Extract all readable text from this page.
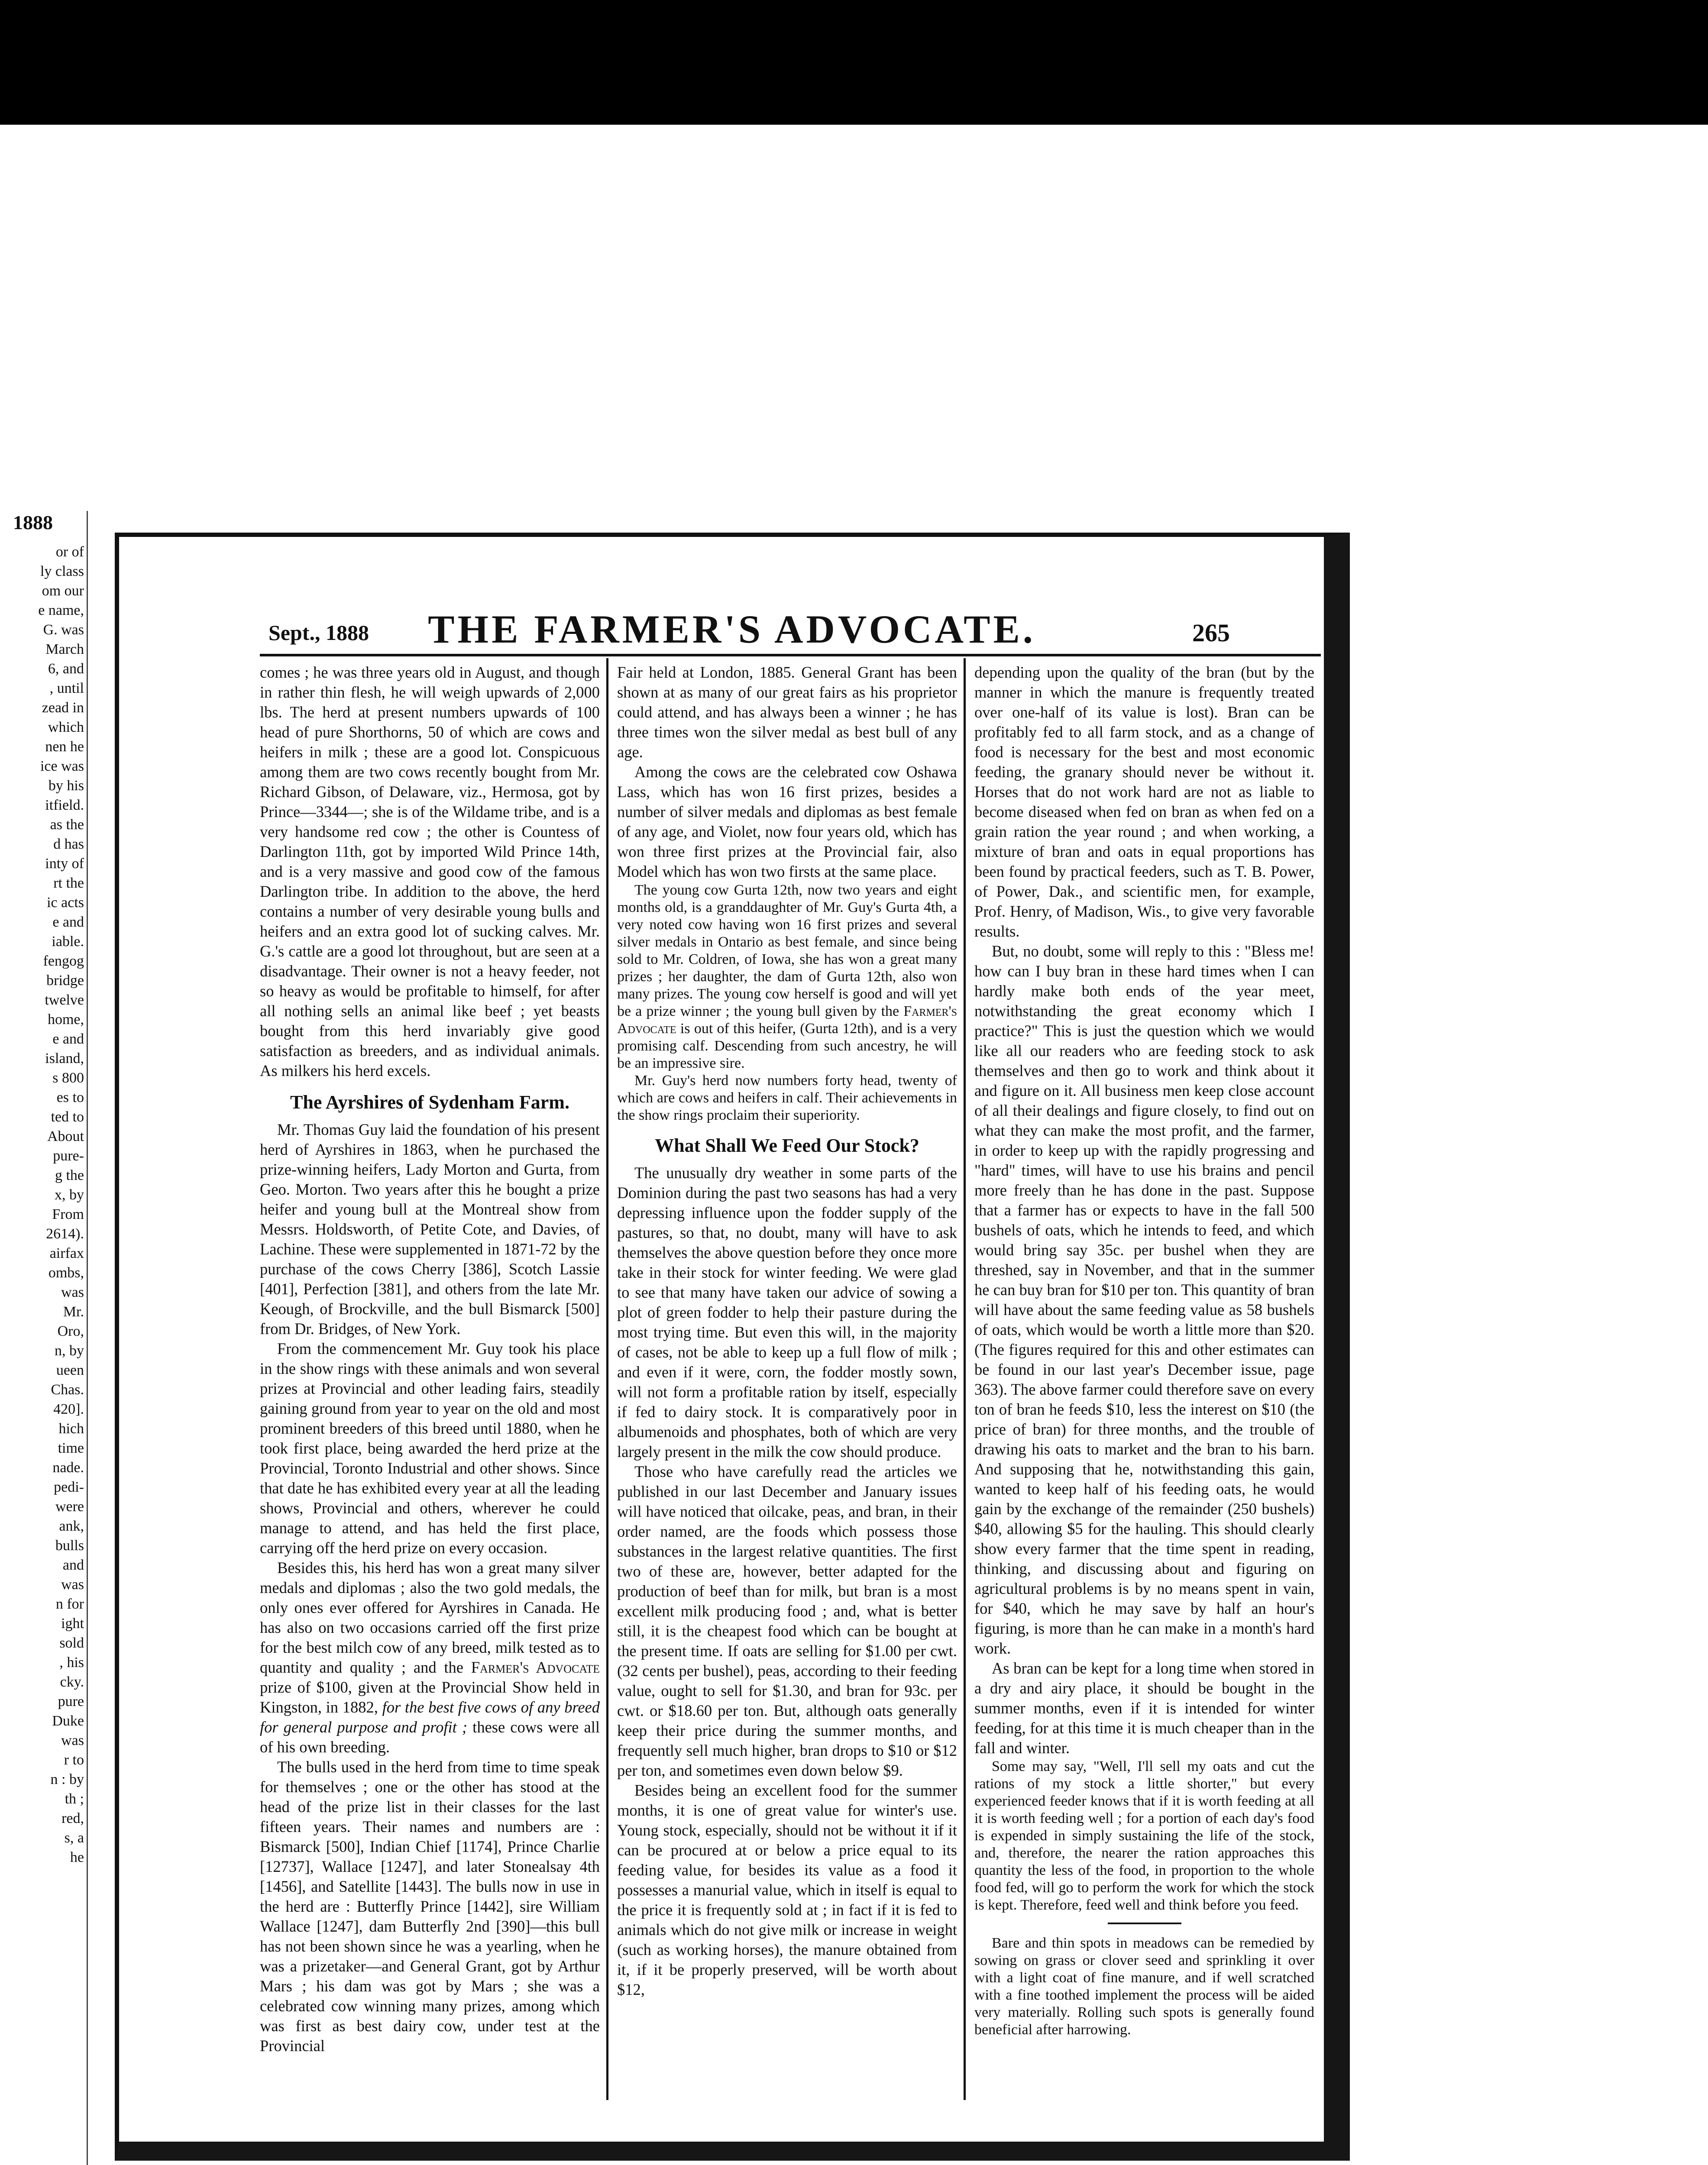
1888
or of
ly class
om our
e name,
G. was
March
6, and
, until
zead in
which
nen he
ice was
by his
itfield.
as the
d has
inty of
rt the
ic acts
e and
iable.
fengog
bridge
twelve
home,
e and
island,
s 800
es to
ted to
About
pure-
g the
x, by
From
2614).
airfax
ombs,
was
Mr.
Oro,
n, by
ueen
Chas.
420].
hich
time
nade.
pedi-
were
ank,
bulls
and
was
n for
ight
sold
, his
cky.
pure
Duke
was
r to
n : by
th ;
red,
s, a
he
Sept., 1888	THE FARMER'S ADVOCATE.	265

comes ; he was three years old in August, and though in rather thin flesh, he will weigh upwards of 2,000 lbs. The herd at present numbers upwards of 100 head of pure Shorthorns, 50 of which are cows and heifers in milk ; these are a good lot. Conspicuous among them are two cows recently bought from Mr. Richard Gibson, of Delaware, viz., Hermosa, got by Prince—3344—; she is of the Wildame tribe, and is a very handsome red cow ; the other is Countess of Darlington 11th, got by imported Wild Prince 14th, and is a very massive and good cow of the famous Darlington tribe. In addition to the above, the herd contains a number of very desirable young bulls and heifers and an extra good lot of sucking calves. Mr. G.'s cattle are a good lot throughout, but are seen at a disadvantage. Their owner is not a heavy feeder, not so heavy as would be profitable to himself, for after all nothing sells an animal like beef ; yet beasts bought from this herd invariably give good satisfaction as breeders, and as individual animals. As milkers his herd excels.

The Ayrshires of Sydenham Farm.

Mr. Thomas Guy laid the foundation of his present herd of Ayrshires in 1863, when he purchased the prize-winning heifers, Lady Morton and Gurta, from Geo. Morton. Two years after this he bought a prize heifer and young bull at the Montreal show from Messrs. Holdsworth, of Petite Cote, and Davies, of Lachine. These were supplemented in 1871-72 by the purchase of the cows Cherry [386], Scotch Lassie [401], Perfection [381], and others from the late Mr. Keough, of Brockville, and the bull Bismarck [500] from Dr. Bridges, of New York.

From the commencement Mr. Guy took his place in the show rings with these animals and won several prizes at Provincial and other leading fairs, steadily gaining ground from year to year on the old and most prominent breeders of this breed until 1880, when he took first place, being awarded the herd prize at the Provincial, Toronto Industrial and other shows. Since that date he has exhibited every year at all the leading shows, Provincial and others, wherever he could manage to attend, and has held the first place, carrying off the herd prize on every occasion.

Besides this, his herd has won a great many silver medals and diplomas ; also the two gold medals, the only ones ever offered for Ayrshires in Canada. He has also on two occasions carried off the first prize for the best milch cow of any breed, milk tested as to quantity and quality ; and the Farmer's Advocate prize of $100, given at the Provincial Show held in Kingston, in 1882, for the best five cows of any breed for general purpose and profit ; these cows were all of his own breeding.

The bulls used in the herd from time to time speak for themselves ; one or the other has stood at the head of the prize list in their classes for the last fifteen years. Their names and numbers are : Bismarck [500], Indian Chief [1174], Prince Charlie [12737], Wallace [1247], and later Stonealsay 4th [1456], and Satellite [1443]. The bulls now in use in the herd are : Butterfly Prince [1442], sire William Wallace [1247], dam Butterfly 2nd [390]—this bull has not been shown since he was a yearling, when he was a prizetaker—and General Grant, got by Arthur Mars ; his dam was got by Mars ; she was a celebrated cow winning many prizes, among which was first as best dairy cow, under test at the Provincial

Fair held at London, 1885. General Grant has been shown at as many of our great fairs as his proprietor could attend, and has always been a winner ; he has three times won the silver medal as best bull of any age.

Among the cows are the celebrated cow Oshawa Lass, which has won 16 first prizes, besides a number of silver medals and diplomas as best female of any age, and Violet, now four years old, which has won three first prizes at the Provincial fair, also Model which has won two firsts at the same place.

The young cow Gurta 12th, now two years and eight months old, is a granddaughter of Mr. Guy's Gurta 4th, a very noted cow having won 16 first prizes and several silver medals in Ontario as best female, and since being sold to Mr. Coldren, of Iowa, she has won a great many prizes ; her daughter, the dam of Gurta 12th, also won many prizes. The young cow herself is good and will yet be a prize winner ; the young bull given by the Farmer's Advocate is out of this heifer, (Gurta 12th), and is a very promising calf. Descending from such ancestry, he will be an impressive sire.

Mr. Guy's herd now numbers forty head, twenty of which are cows and heifers in calf. Their achievements in the show rings proclaim their superiority.

What Shall We Feed Our Stock?

The unusually dry weather in some parts of the Dominion during the past two seasons has had a very depressing influence upon the fodder supply of the pastures, so that, no doubt, many will have to ask themselves the above question before they once more take in their stock for winter feeding. We were glad to see that many have taken our advice of sowing a plot of green fodder to help their pasture during the most trying time. But even this will, in the majority of cases, not be able to keep up a full flow of milk ; and even if it were, corn, the fodder mostly sown, will not form a profitable ration by itself, especially if fed to dairy stock. It is comparatively poor in albumenoids and phosphates, both of which are very largely present in the milk the cow should produce.

Those who have carefully read the articles we published in our last December and January issues will have noticed that oilcake, peas, and bran, in their order named, are the foods which possess those substances in the largest relative quantities. The first two of these are, however, better adapted for the production of beef than for milk, but bran is a most excellent milk producing food ; and, what is better still, it is the cheapest food which can be bought at the present time. If oats are selling for $1.00 per cwt. (32 cents per bushel), peas, according to their feeding value, ought to sell for $1.30, and bran for 93c. per cwt. or $18.60 per ton. But, although oats generally keep their price during the summer months, and frequently sell much higher, bran drops to $10 or $12 per ton, and sometimes even down below $9.

Besides being an excellent food for the summer months, it is one of great value for winter's use. Young stock, especially, should not be without it if it can be procured at or below a price equal to its feeding value, for besides its value as a food it possesses a manurial value, which in itself is equal to the price it is frequently sold at ; in fact if it is fed to animals which do not give milk or increase in weight (such as working horses), the manure obtained from it, if it be properly preserved, will be worth about $12,

depending upon the quality of the bran (but by the manner in which the manure is frequently treated over one-half of its value is lost). Bran can be profitably fed to all farm stock, and as a change of food is necessary for the best and most economic feeding, the granary should never be without it. Horses that do not work hard are not as liable to become diseased when fed on bran as when fed on a grain ration the year round ; and when working, a mixture of bran and oats in equal proportions has been found by practical feeders, such as T. B. Power, of Power, Dak., and scientific men, for example, Prof. Henry, of Madison, Wis., to give very favorable results.

But, no doubt, some will reply to this : "Bless me! how can I buy bran in these hard times when I can hardly make both ends of the year meet, notwithstanding the great economy which I practice?" This is just the question which we would like all our readers who are feeding stock to ask themselves and then go to work and think about it and figure on it. All business men keep close account of all their dealings and figure closely, to find out on what they can make the most profit, and the farmer, in order to keep up with the rapidly progressing and "hard" times, will have to use his brains and pencil more freely than he has done in the past. Suppose that a farmer has or expects to have in the fall 500 bushels of oats, which he intends to feed, and which would bring say 35c. per bushel when they are threshed, say in November, and that in the summer he can buy bran for $10 per ton. This quantity of bran will have about the same feeding value as 58 bushels of oats, which would be worth a little more than $20. (The figures required for this and other estimates can be found in our last year's December issue, page 363). The above farmer could therefore save on every ton of bran he feeds $10, less the interest on $10 (the price of bran) for three months, and the trouble of drawing his oats to market and the bran to his barn. And supposing that he, notwithstanding this gain, wanted to keep half of his feeding oats, he would gain by the exchange of the remainder (250 bushels) $40, allowing $5 for the hauling. This should clearly show every farmer that the time spent in reading, thinking, and discussing about and figuring on agricultural problems is by no means spent in vain, for $40, which he may save by half an hour's figuring, is more than he can make in a month's hard work.

As bran can be kept for a long time when stored in a dry and airy place, it should be bought in the summer months, even if it is intended for winter feeding, for at this time it is much cheaper than in the fall and winter.

Some may say, "Well, I'll sell my oats and cut the rations of my stock a little shorter," but every experienced feeder knows that if it is worth feeding at all it is worth feeding well ; for a portion of each day's food is expended in simply sustaining the life of the stock, and, therefore, the nearer the ration approaches this quantity the less of the food, in proportion to the whole food fed, will go to perform the work for which the stock is kept. Therefore, feed well and think before you feed.

Bare and thin spots in meadows can be remedied by sowing on grass or clover seed and sprinkling it over with a light coat of fine manure, and if well scratched with a fine toothed implement the process will be aided very materially. Rolling such spots is generally found beneficial after harrowing.
